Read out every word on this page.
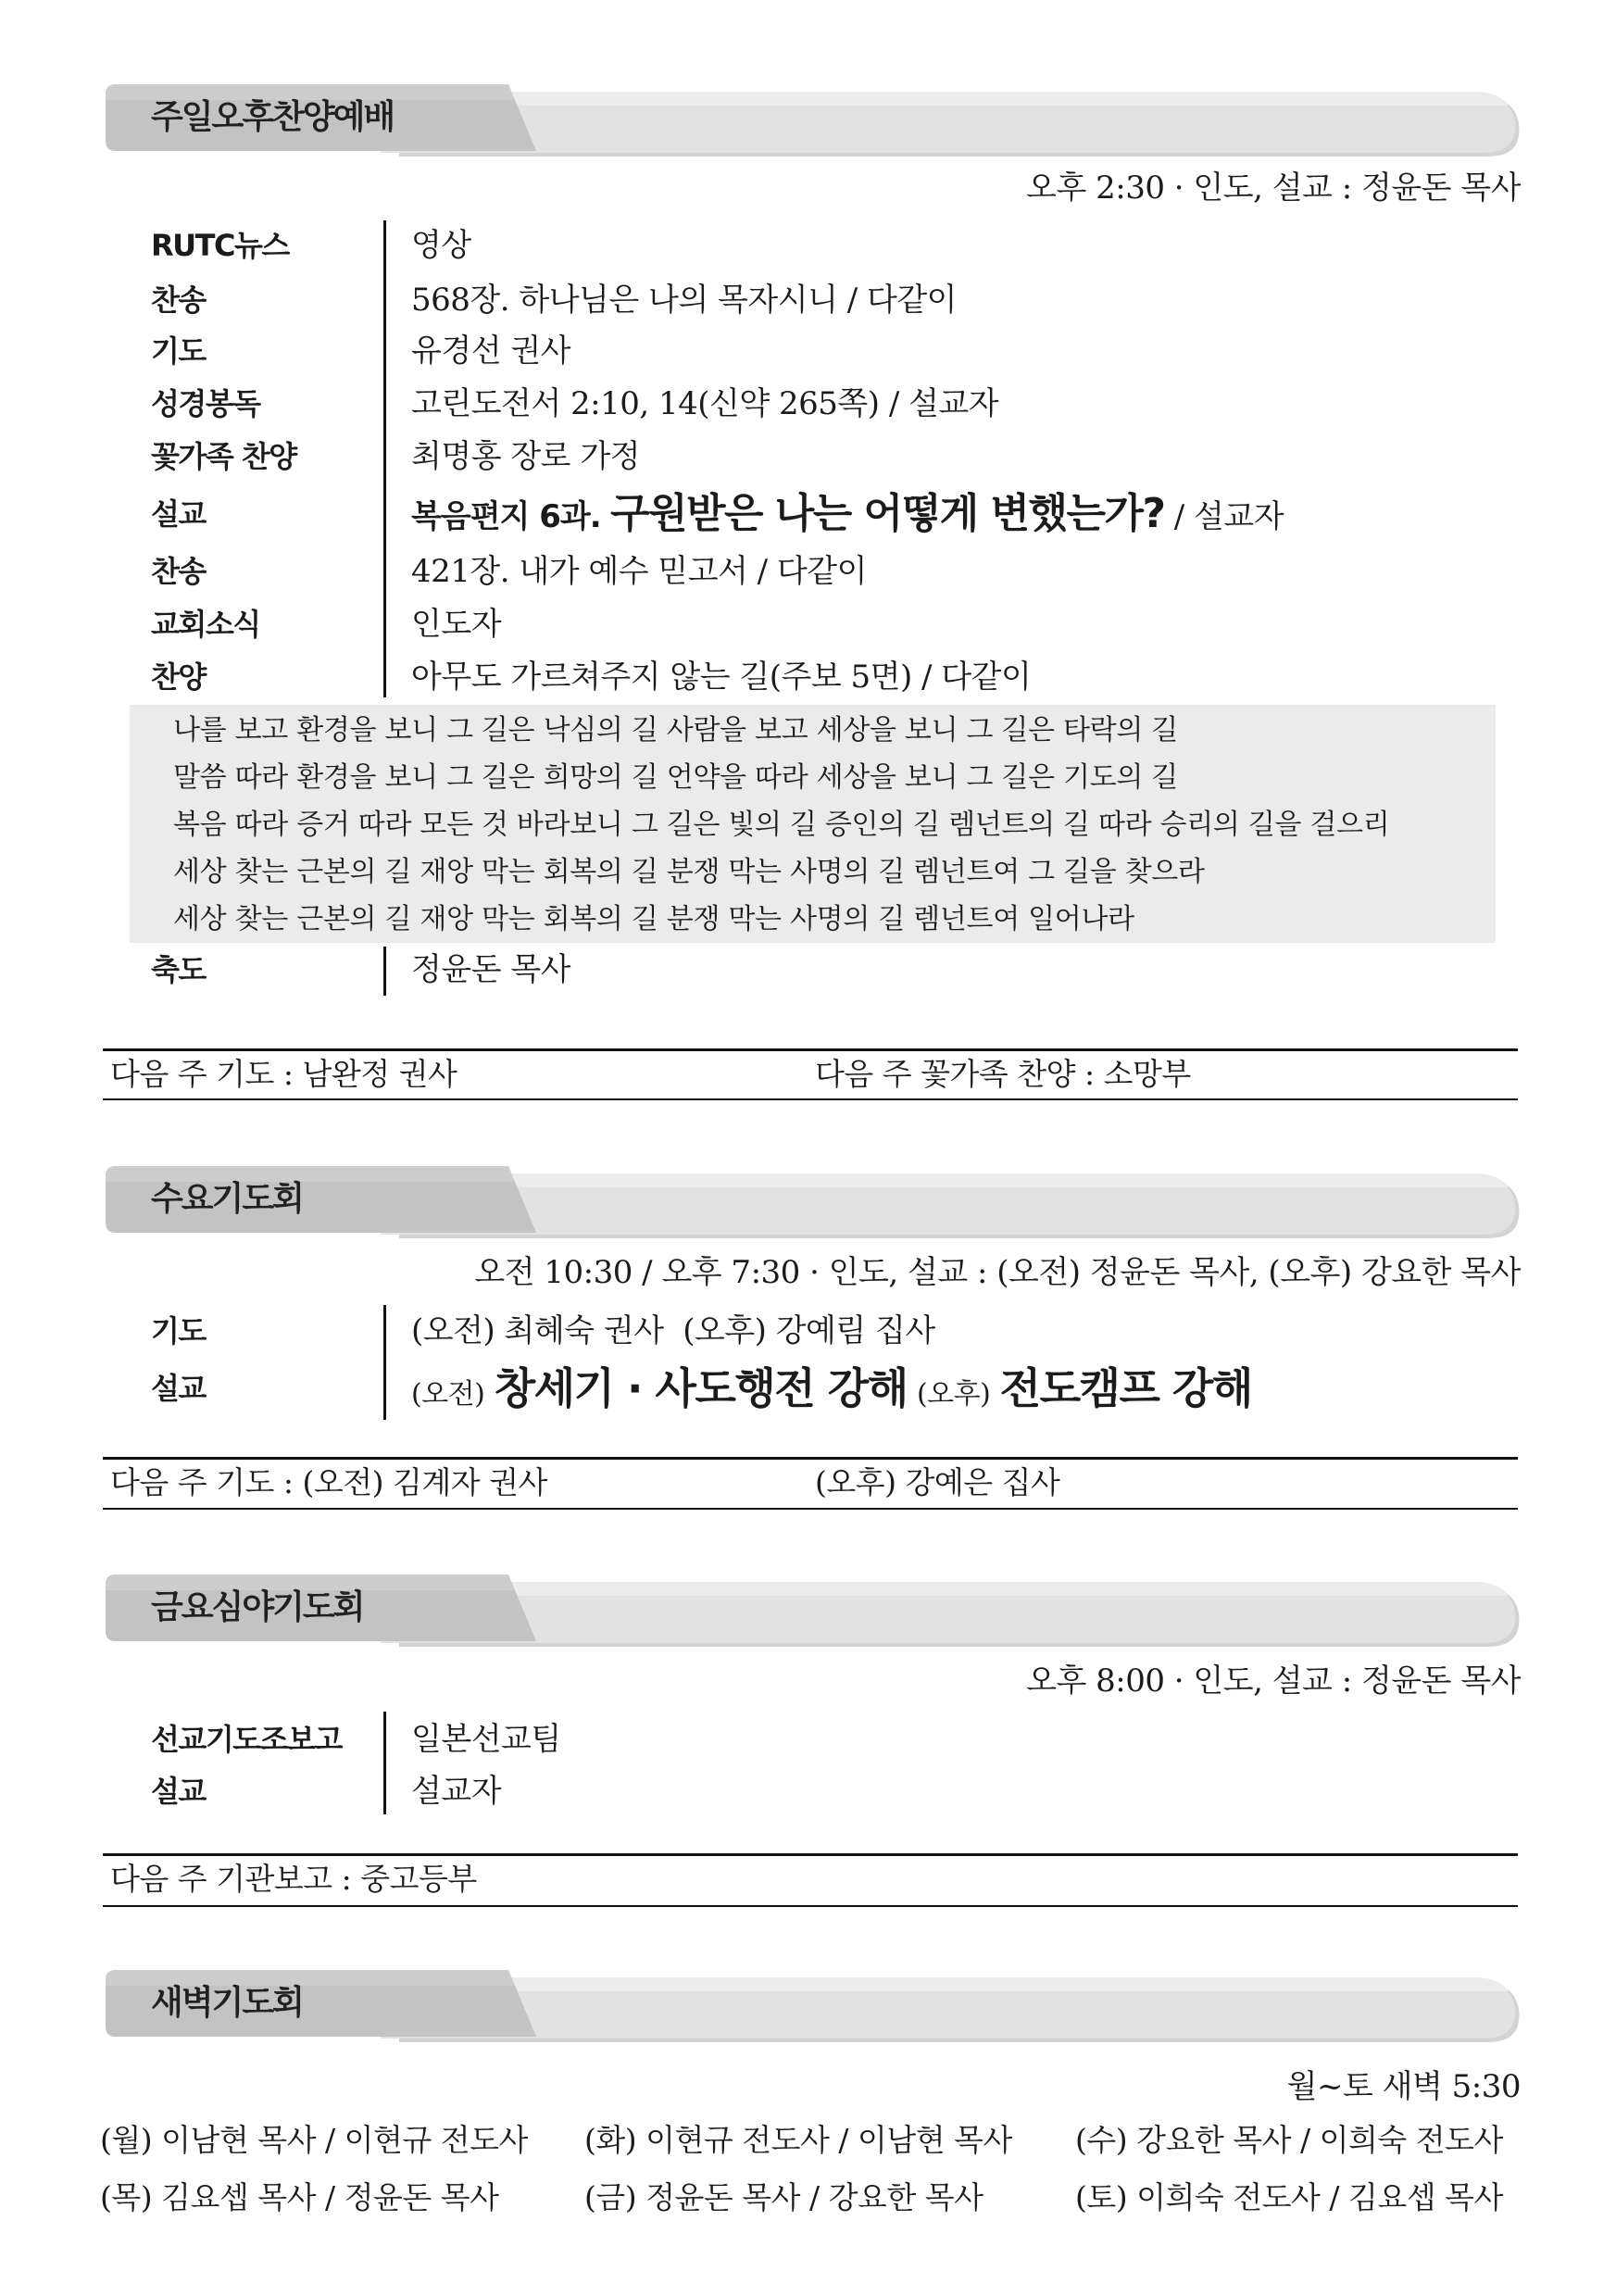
주일오후찬양예배
오후 2:30 · 인도, 설교 : 정윤돈 목사
RUTC뉴스	영상
찬송	568장. 하나님은 나의 목자시니 / 다같이
기도	유경선 권사
성경봉독	고린도전서 2:10, 14(신약 265쪽) / 설교자
꽃가족 찬양	최명홍 장로 가정
설교	복음편지 6과. 구원받은 나는 어떻게 변했는가? / 설교자
찬송	421장. 내가 예수 믿고서 / 다같이
교회소식	인도자
찬양	아무도 가르쳐주지 않는 길(주보 5면) / 다같이
나를 보고 환경을 보니 그 길은 낙심의 길 사람을 보고 세상을 보니 그 길은 타락의 길
말씀 따라 환경을 보니 그 길은 희망의 길 언약을 따라 세상을 보니 그 길은 기도의 길
복음 따라 증거 따라 모든 것 바라보니 그 길은 빛의 길 증인의 길 렘넌트의 길 따라 승리의 길을 걸으리
세상 찾는 근본의 길 재앙 막는 회복의 길 분쟁 막는 사명의 길 렘넌트여 그 길을 찾으라
세상 찾는 근본의 길 재앙 막는 회복의 길 분쟁 막는 사명의 길 렘넌트여 일어나라
축도	정윤돈 목사
다음 주 기도 : 남완정 권사	다음 주 꽃가족 찬양 : 소망부
수요기도회
오전 10:30 / 오후 7:30 · 인도, 설교 : (오전) 정윤돈 목사, (오후) 강요한 목사
기도	(오전) 최혜숙 권사 (오후) 강예림 집사
설교	(오전) 창세기 · 사도행전 강해 (오후) 전도캠프 강해
다음 주 기도 : (오전) 김계자 권사	(오후) 강예은 집사
금요심야기도회
오후 8:00 · 인도, 설교 : 정윤돈 목사
선교기도조보고 일본선교팀
설교	설교자
다음 주 기관보고 : 중고등부
새벽기도회
월~토 새벽 5:30
(월) 이남현 목사 / 이현규 전도사 (화) 이현규 전도사 / 이남현 목사 (수) 강요한 목사 / 이희숙 전도사
(목) 김요셉 목사 / 정윤돈 목사	(금) 정윤돈 목사 / 강요한 목사	(토) 이희숙 전도사 / 김요셉 목사
